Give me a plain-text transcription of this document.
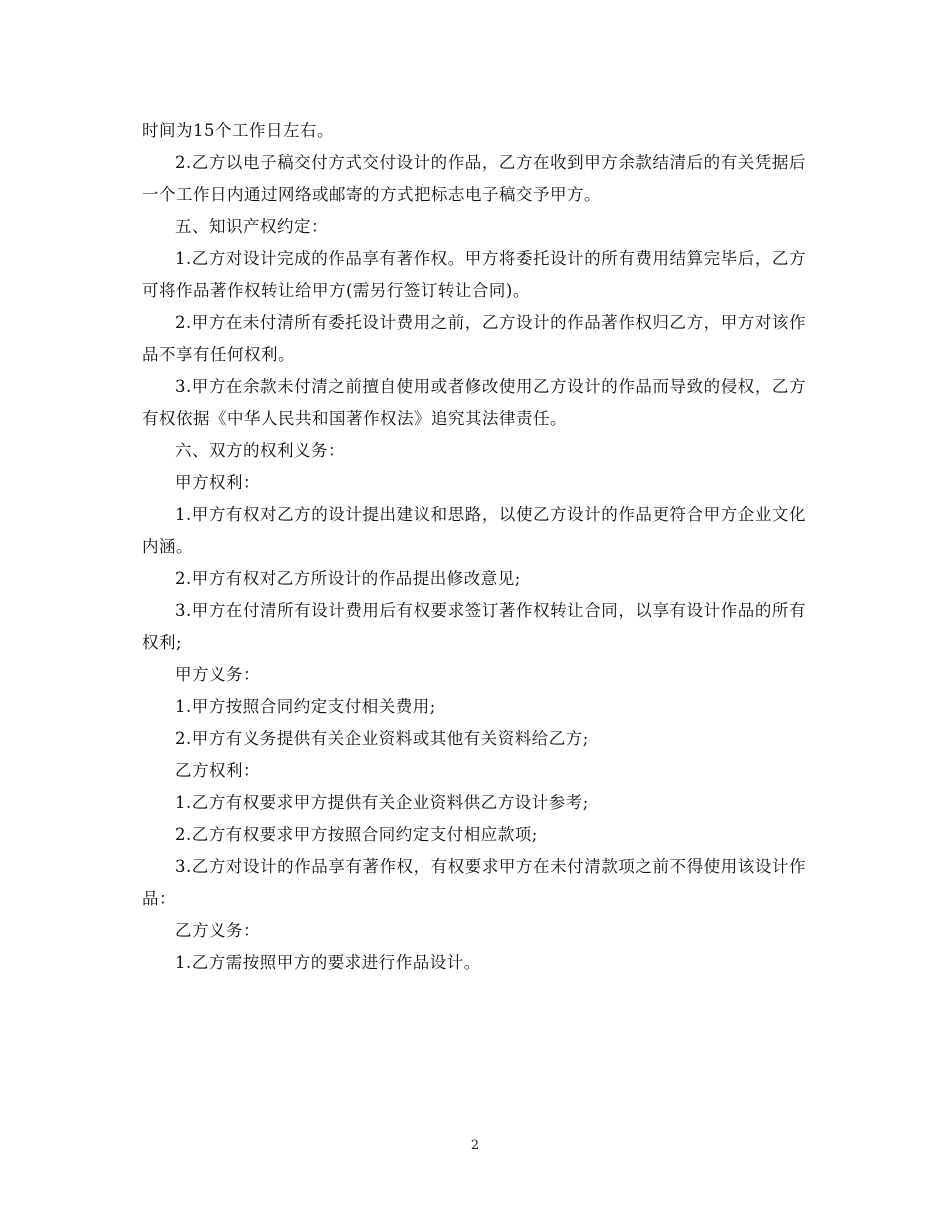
时间为15个工作日左右。

2.乙方以电子稿交付方式交付设计的作品，乙方在收到甲方余款结清后的有关凭据后一个工作日内通过网络或邮寄的方式把标志电子稿交予甲方。

五、知识产权约定：

1.乙方对设计完成的作品享有著作权。甲方将委托设计的所有费用结算完毕后，乙方可将作品著作权转让给甲方(需另行签订转让合同)。

2.甲方在未付清所有委托设计费用之前，乙方设计的作品著作权归乙方，甲方对该作品不享有任何权利。

3.甲方在余款未付清之前擅自使用或者修改使用乙方设计的作品而导致的侵权，乙方有权依据《中华人民共和国著作权法》追究其法律责任。

六、双方的权利义务：

甲方权利：

1.甲方有权对乙方的设计提出建议和思路，以使乙方设计的作品更符合甲方企业文化内涵。

2.甲方有权对乙方所设计的作品提出修改意见;

3.甲方在付清所有设计费用后有权要求签订著作权转让合同，以享有设计作品的所有权利;

甲方义务：

1.甲方按照合同约定支付相关费用;

2.甲方有义务提供有关企业资料或其他有关资料给乙方;

乙方权利：

1.乙方有权要求甲方提供有关企业资料供乙方设计参考;

2.乙方有权要求甲方按照合同约定支付相应款项;

3.乙方对设计的作品享有著作权，有权要求甲方在未付清款项之前不得使用该设计作品：

乙方义务：

1.乙方需按照甲方的要求进行作品设计。

2
